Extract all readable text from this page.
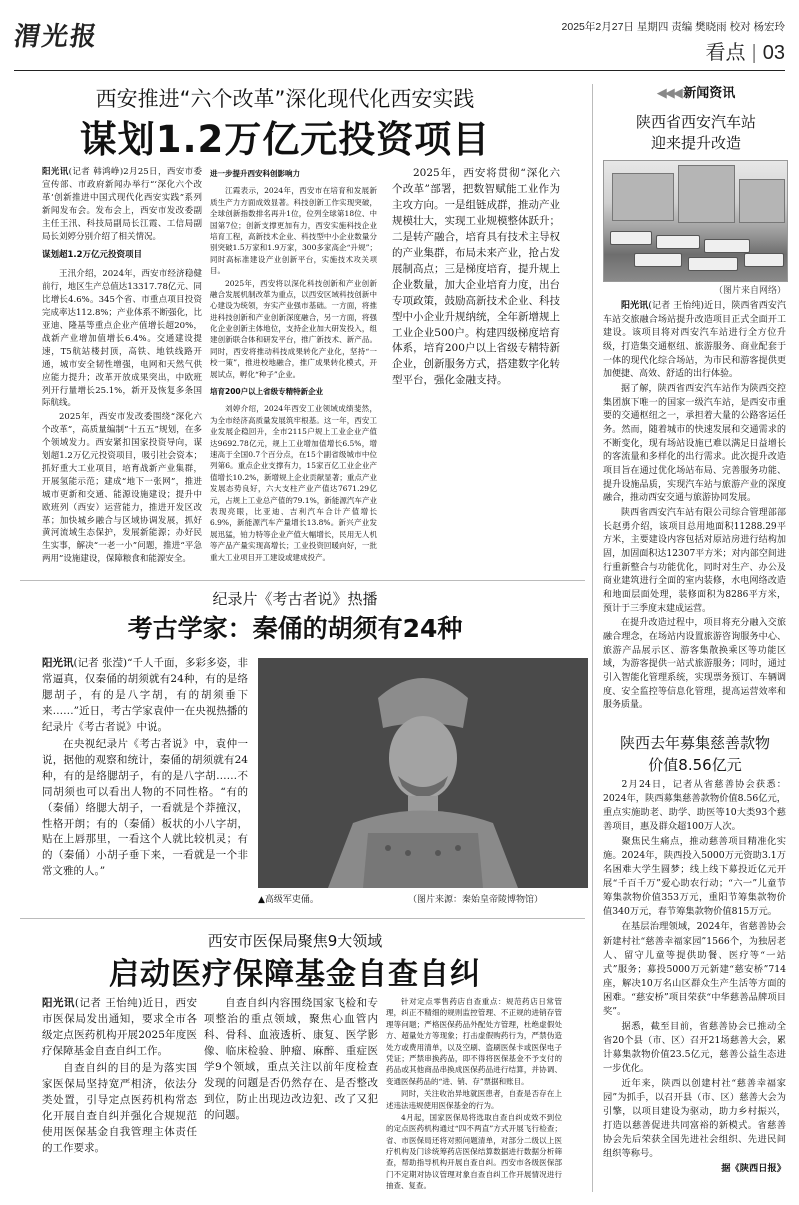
渭光报	2025年2月27日 星期四 责编 樊晓雨 校对 杨宏玲
看点 | 03
西安推进“六个改革”深化现代化西安实践
谋划1.2万亿元投资项目

阳光讯(记者 韩鸿峥)2月25日，西安市委宣传部、市政府新闻办举行“‘深化六个改革’创新推进中国式现代化西安实践”系列新闻发布会。发布会上，西安市发改委副主任王汛、科技局副局长江霞、工信局副局长刘婷分别介绍了相关情况。

谋划超1.2万亿元投资项目

王汛介绍，2024年，西安市经济稳健前行，地区生产总值达13317.78亿元、同比增长4.6%。345个省、市重点项目投资完成率达112.8%；产业体系不断强化，比亚迪、隆基等重点企业产值增长超20%，战新产业增加值增长6.4%。交通建设提速，T5航站楼封顶，高铁、地铁线路开通，城市安全韧性增强，电网和天然气供应能力提升；改革开放成果突出，中欧班列开行量增长25.1%，新开及恢复多条国际航线。

2025年，西安市发改委围绕“深化六个改革”，高质量编制“十五五”规划，在多个领域发力。西安紧扣国家投资导向，谋划超1.2万亿元投资项目，吸引社会资本；抓好重大工业项目，培育战新产业集群，开展氢能示范；建成“地下一张网”，推进城市更新和交通、能源设施建设；提升中欧班列（西安）运营能力，推进开发区改革；加快城乡融合与区域协调发展，抓好黄河流域生态保护，发展新能源；办好民生实事，解决“一老一小”问题，推进“平急两用”设施建设，保障粮食和能源安全。

进一步提升西安科创影响力

江霞表示，2024年，西安市在培育和发展新质生产力方面成效显著。科技创新工作实现突破，全球创新指数排名再升1位，位列全球第18位、中国第7位；创新支撑更加有力，西安实施科技企业培育工程，高新技术企业、科技型中小企业数量分别突破1.5万家和1.9万家，300多家高企“升规”；同时高标准建设产业创新平台，实施技术攻关项目。

2025年，西安将以深化科技创新和产业创新融合发展机制改革为重点，以西安区域科技创新中心建设为统领，夯实产业强市基础。一方面，将推进科技创新和产业创新深度融合，另一方面，将强化企业创新主体地位，支持企业加大研发投入，组建创新联合体和研发平台，推广新技术、新产品。同时，西安将推动科技成果转化产业化，坚持“一校一策”，推进校地融合，推广成果转化模式，开展试点，孵化“种子”企业。

培育200户以上省级专精特新企业

刘婷介绍，2024年西安工业领域成绩斐然，为全市经济高质量发展筑牢根基。这一年，西安工业发展企稳回升，全市2115户规上工业企业产值达9692.78亿元，规上工业增加值增长6.5%，增速高于全国0.7个百分点，在15个副省级城市中位列第6。重点企业支撑有力，15家百亿工业企业产值增长10.2%，新增规上企业贡献显著；重点产业发展态势良好，六大支柱产业产值达7671.29亿元，占规上工业总产值的79.1%，新能源汽车产业表现亮眼，比亚迪、吉利汽车合计产值增长6.9%，新能源汽车产量增长13.8%。新兴产业发展迅猛，铂力特等企业产值大幅增长，民用无人机等产品产量实现高增长；工业投资回暖向好，一批重大工业项目开工建设或建成投产。

2025年，西安将贯彻“深化六个改革”部署，把数智赋能工业作为主攻方向。一是组链成群，推动产业规模壮大，实现工业规模整体跃升；二是转产融合，培育具有技术主导权的产业集群，布局未来产业，抢占发展制高点；三是梯度培育，提升规上企业数量，加大企业培育力度，出台专项政策，鼓励高新技术企业、科技型中小企业升规纳统，全年新增规上工业企业500户。构建四级梯度培育体系，培育200户以上省级专精特新企业，创新服务方式，搭建数字化转型平台，强化金融支持。

◀◀◀ 新闻资讯
陕西省西安汽车站
迎来提升改造
（图片来自网络）

阳光讯(记者 王怡纯)近日，陕西省西安汽车站交旅融合场站提升改造项目正式全面开工建设。该项目将对西安汽车站进行全方位升级，打造集交通枢纽、旅游服务、商业配套于一体的现代化综合场站，为市民和游客提供更加便捷、高效、舒适的出行体验。

据了解，陕西省西安汽车站作为陕西交控集团旗下唯一的国家一级汽车站，是西安市重要的交通枢纽之一，承担着大量的公路客运任务。然而，随着城市的快速发展和交通需求的不断变化，现有场站设施已难以满足日益增长的客流量和多样化的出行需求。此次提升改造项目旨在通过优化场站布局、完善服务功能、提升设施品质，实现汽车站与旅游产业的深度融合，推动西安交通与旅游协同发展。

陕西省西安汽车站有限公司综合管理部部长赵勇介绍，该项目总用地面积11288.29平方米，主要建设内容包括对原站房进行结构加固，加固面积达12307平方米；对内部空间进行重新整合与功能优化，同时对生产、办公及商业建筑进行全面的室内装修，水电网络改造和地面层面处理，装修面积为8286平方米，预计于三季度末建成运营。

在提升改造过程中，项目将充分融入交旅融合理念，在场站内设置旅游咨询服务中心、旅游产品展示区、游客集散换乘区等功能区域，为游客提供一站式旅游服务；同时，通过引入智能化管理系统，实现票务预订、车辆调度、安全监控等信息化管理，提高运营效率和服务质量。

陕西去年募集慈善款物
价值8.56亿元

2月24日，记者从省慈善协会获悉：2024年，陕西募集慈善款物价值8.56亿元，重点实施助老、助学、助医等10大类93个慈善项目，惠及群众超100万人次。

聚焦民生痛点，推动慈善项目精准化实施。2024年，陕西投入5000万元资助3.1万名困难大学生圆梦；线上线下募投近亿元开展“千百千万”爱心助农行动；“六一”儿童节筹集款物价值353万元，重阳节筹集款物价值340万元，春节筹集款物价值815万元。

在基层治理领域，2024年，省慈善协会新建村社“慈善幸福家园”1566个，为独居老人、留守儿童等提供助餐、医疗等“一站式”服务；募投5000万元新建“慈安桥”714座，解决10万名山区群众生产生活等方面的困难。“慈安桥”项目荣获“中华慈善品牌项目奖”。

据悉，截至目前，省慈善协会已推动全省20个县（市、区）召开21场慈善大会，累计募集款物价值23.5亿元，慈善公益生态进一步优化。

近年来，陕西以创建村社“慈善幸福家园”为抓手，以召开县（市、区）慈善大会为引擎，以项目建设为驱动，助力乡村振兴，打造以慈善促进共同富裕的新模式。省慈善协会先后荣获全国先进社会组织、先进民间组织等称号。

据《陕西日报》

纪录片《考古者说》热播
考古学家：秦俑的胡须有24种

阳光讯(记者 张滢)“千人千面，多彩多姿，非常逼真，仅秦俑的胡须就有24种，有的是络腮胡子，有的是八字胡，有的胡须垂下来……”近日，考古学家袁仲一在央视热播的纪录片《考古者说》中说。

在央视纪录片《考古者说》中，袁仲一说，据他的观察和统计，秦俑的胡须就有24种，有的是络腮胡子，有的是八字胡……不同胡须也可以看出人物的不同性格。“有的（秦俑）络腮大胡子，一看就是个莽撞汉，性格开朗；有的（秦俑）板状的小八字胡，贴在上唇那里，一看这个人就比较机灵；有的（秦俑）小胡子垂下来，一看就是一个非常文雅的人。”

▲高级军吏俑。	（图片来源：秦始皇帝陵博物馆）
西安市医保局聚焦9大领域
启动医疗保障基金自查自纠

阳光讯(记者 王怡纯)近日，西安市医保局发出通知，要求全市各级定点医药机构开展2025年度医疗保障基金自查自纠工作。

自查自纠的目的是为落实国家医保局坚持宽严相济，依法分类处置，引导定点医药机构常态化开展自查自纠并强化合规规范使用医保基金自我管理主体责任的工作要求。

自查自纠内容围绕国家飞检和专项整治的重点领域，聚焦心血管内科、骨科、血液透析、康复、医学影像、临床检验、肿瘤、麻醉、重症医学9个领域，重点关注以前年度检查发现的问题是否仍然存在、是否整改到位，防止出现边改边犯、改了又犯的问题。

针对定点零售药店自查重点：规范药店日常管理，纠正不精细的规则监控管理、不正规的进销存管理等问题；严格医保药品外配处方管理，杜绝虚假处方、超量处方等现象；打击虚假购药行为，严禁伪造处方或费用清单，以及空刷、盗刷医保卡或医保电子凭证；严禁串换药品，即不得将医保基金不予支付的药品或其他商品串换成医保药品进行结算，并协调、变通医保药品的“进、销、存”票据和账目。

同时，关注收治异地就医患者，自查是否存在上述违法违规使用医保基金的行为。

4月起，国家医保局将选取自查自纠成效不到位的定点医药机构通过“四不两直”方式开展飞行检查；省、市医保局还将对照问题清单，对部分二级以上医疗机构及门诊统筹药店医保结算数据进行数据分析筛查，帮助指导机构开展自查自纠。西安市各级医保部门不定期对协议管理对象自查自纠工作开展情况进行抽查、复查。
